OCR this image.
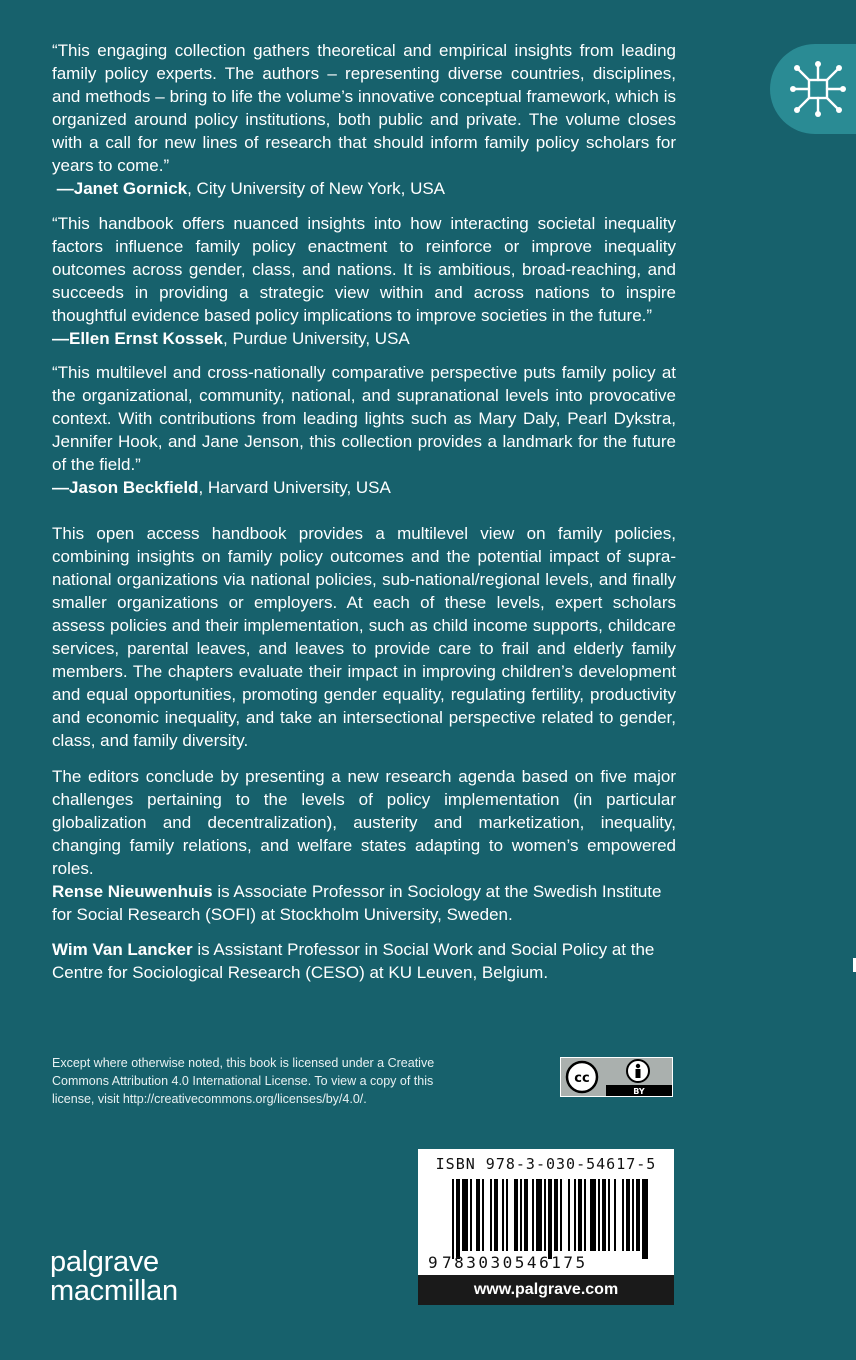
“This engaging collection gathers theoretical and empirical insights from leading family policy experts. The authors – representing diverse countries, disciplines, and methods – bring to life the volume’s innovative conceptual framework, which is organized around policy institutions, both public and private. The volume closes with a call for new lines of research that should inform family policy scholars for years to come.”

—Janet Gornick, City University of New York, USA

“This handbook offers nuanced insights into how interacting societal inequality factors influence family policy enactment to reinforce or improve inequality outcomes across gender, class, and nations. It is ambitious, broad-reaching, and succeeds in providing a strategic view within and across nations to inspire thoughtful evidence based policy implications to improve societies in the future.”

—Ellen Ernst Kossek, Purdue University, USA

“This multilevel and cross-nationally comparative perspective puts family policy at the organizational, community, national, and supranational levels into provocative context. With contributions from leading lights such as Mary Daly, Pearl Dykstra, Jennifer Hook, and Jane Jenson, this collection provides a landmark for the future of the field.”

—Jason Beckfield, Harvard University, USA

This open access handbook provides a multilevel view on family policies, combining insights on family policy outcomes and the potential impact of supra-national organizations via national policies, sub-national/regional levels, and finally smaller organizations or employers. At each of these levels, expert scholars assess policies and their implementation, such as child income supports, childcare services, parental leaves, and leaves to provide care to frail and elderly family members. The chapters evaluate their impact in improving children’s development and equal opportunities, promoting gender equality, regulating fertility, productivity and economic inequality, and take an intersectional perspective related to gender, class, and family diversity.

The editors conclude by presenting a new research agenda based on five major challenges pertaining to the levels of policy implementation (in particular globalization and decentralization), austerity and marketization, inequality, changing family relations, and welfare states adapting to women’s empowered roles.

Rense Nieuwenhuis is Associate Professor in Sociology at the Swedish Institute for Social Research (SOFI) at Stockholm University, Sweden.

Wim Van Lancker is Assistant Professor in Social Work and Social Policy at the Centre for Sociological Research (CESO) at KU Leuven, Belgium.

Except where otherwise noted, this book is licensed under a Creative Commons Attribution 4.0 International License. To view a copy of this license, visit http://creativecommons.org/licenses/by/4.0/.

cc
BY
ISBN 978-3-030-54617-5
9 783030546175
www.palgrave.com
palgrave
macmillan
